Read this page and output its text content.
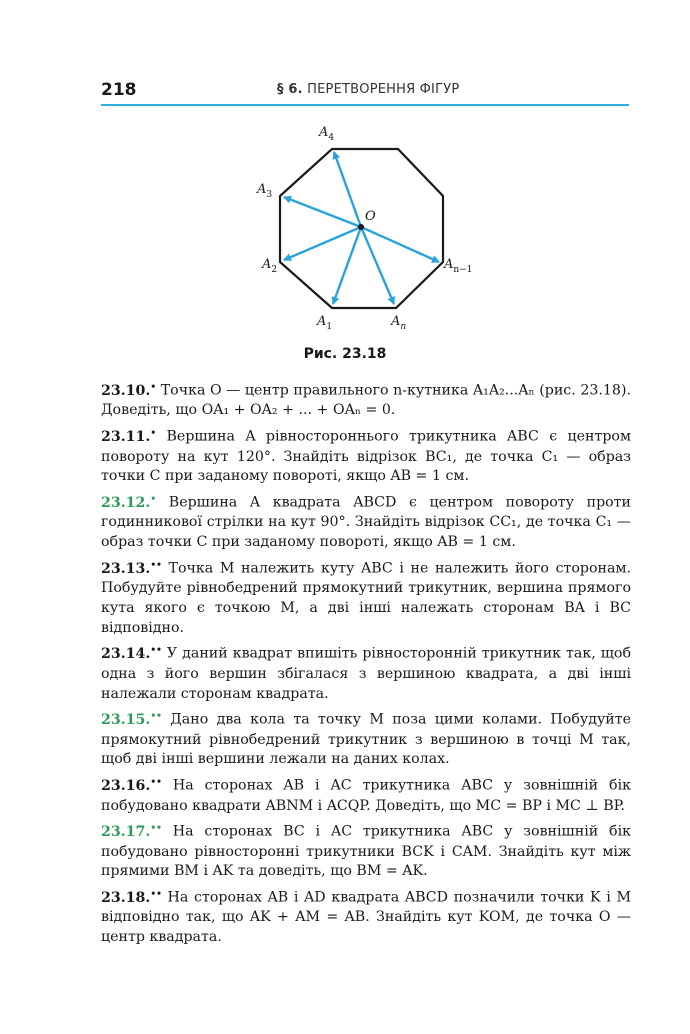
218	§ 6. ПЕРЕТВОРЕННЯ ФІГУР
$A_4$
$A_3$
$A_2$
$A_1$	$A_n$
$A_{n-1}$
O
Рис. 23.18
23.10.• Точка O — центр правильного n-кутника A₁A₂...Aₙ (рис. 23.18). Доведіть, що OA₁ + OA₂ + ... + OAₙ = 0.
23.11.• Вершина A рівностороннього трикутника ABC є центром повороту на кут 120°. Знайдіть відрізок BC₁, де точка C₁ — образ точки C при заданому повороті, якщо AB = 1 см.
23.12.• Вершина A квадрата ABCD є центром повороту проти годинникової стрілки на кут 90°. Знайдіть відрізок CC₁, де точка C₁ — образ точки C при заданому повороті, якщо AB = 1 см.
23.13.•• Точка M належить куту ABC і не належить його сторонам. Побудуйте рівнобедрений прямокутний трикутник, вершина прямого кута якого є точкою M, а дві інші належать сторонам BA і BC відповідно.
23.14.•• У даний квадрат впишіть рівносторонній трикутник так, щоб одна з його вершин збігалася з вершиною квадрата, а дві інші належали сторонам квадрата.
23.15.•• Дано два кола та точку M поза цими колами. Побудуйте прямокутний рівнобедрений трикутник з вершиною в точці M так, щоб дві інші вершини лежали на даних колах.
23.16.•• На сторонах AB і AC трикутника ABC у зовнішній бік побудовано квадрати ABNM і ACQP. Доведіть, що MC = BP і MC ⊥ BP.
23.17.•• На сторонах BC і AC трикутника ABC у зовнішній бік побудовано рівносторонні трикутники BCK і CAM. Знайдіть кут між прямими BM і AK та доведіть, що BM = AK.
23.18.•• На сторонах AB і AD квадрата ABCD позначили точки K і M відповідно так, що AK + AM = AB. Знайдіть кут KOM, де точка O — центр квадрата.
